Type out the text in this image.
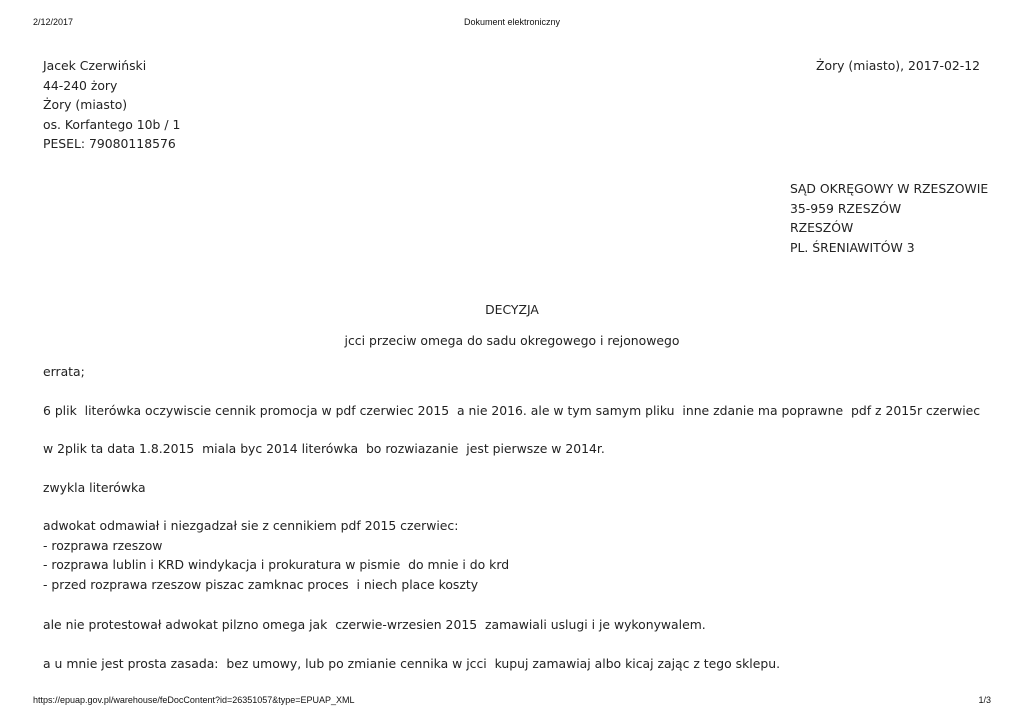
2/12/2017	Dokument elektroniczny
Jacek Czerwiński
44-240 żory
Żory (miasto)
os. Korfantego 10b / 1
PESEL: 79080118576
Żory (miasto), 2017-02-12
SĄD OKRĘGOWY W RZESZOWIE
35-959 RZESZÓW
RZESZÓW
PL. ŚRENIAWITÓW 3
DECYZJA
jcci przeciw omega do sadu okregowego i rejonowego
errata;
6 plik  literówka oczywiscie cennik promocja w pdf czerwiec 2015  a nie 2016. ale w tym samym pliku  inne zdanie ma poprawne  pdf z 2015r czerwiec
w 2plik ta data 1.8.2015  miala byc 2014 literówka  bo rozwiazanie  jest pierwsze w 2014r.
zwykla literówka
adwokat odmawiał i niezgadzał sie z cennikiem pdf 2015 czerwiec:
- rozprawa rzeszow
- rozprawa lublin i KRD windykacja i prokuratura w pismie  do mnie i do krd
- przed rozprawa rzeszow piszac zamknac proces  i niech place koszty
ale nie protestował adwokat pilzno omega jak  czerwie-wrzesien 2015  zamawiali uslugi i je wykonywalem.
a u mnie jest prosta zasada:  bez umowy, lub po zmianie cennika w jcci  kupuj zamawiaj albo kicaj zając z tego sklepu.
https://epuap.gov.pl/warehouse/feDocContent?id=26351057&type=EPUAP_XML	1/3
